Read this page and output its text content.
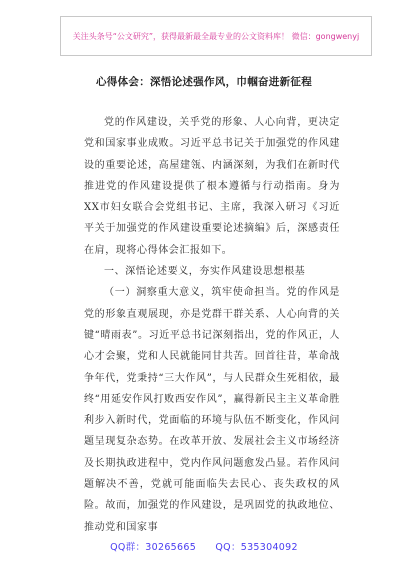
关注头条号“公文研究”，获得最新最全最专业的公文资料库！ 微信：gongwenyj
心得体会：深悟论述强作风，巾帼奋进新征程

党的作风建设，关乎党的形象、人心向背，更决定党和国家事业成败。习近平总书记关于加强党的作风建设的重要论述，高屋建瓴、内涵深刻，为我们在新时代推进党的作风建设提供了根本遵循与行动指南。身为XX市妇女联合会党组书记、主席，我深入研习《习近平关于加强党的作风建设重要论述摘编》后，深感责任在肩，现将心得体会汇报如下。

一、深悟论述要义，夯实作风建设思想根基

（一）洞察重大意义，筑牢使命担当。党的作风是党的形象直观展现，亦是党群干群关系、人心向背的关键“晴雨表”。习近平总书记深刻指出，党的作风正，人心才会聚，党和人民就能同甘共苦。回首往昔，革命战争年代，党秉持“三大作风”，与人民群众生死相依，最终“用延安作风打败西安作风”，赢得新民主主义革命胜利步入新时代，党面临的环境与队伍不断变化，作风问题呈现复杂态势。在改革开放、发展社会主义市场经济及长期执政进程中，党内作风问题愈发凸显。若作风问题解决不善，党就可能面临失去民心、丧失政权的风险。故而，加强党的作风建设，是巩固党的执政地位、推动党和国家事

QQ群：30265665 QQ：535304092
